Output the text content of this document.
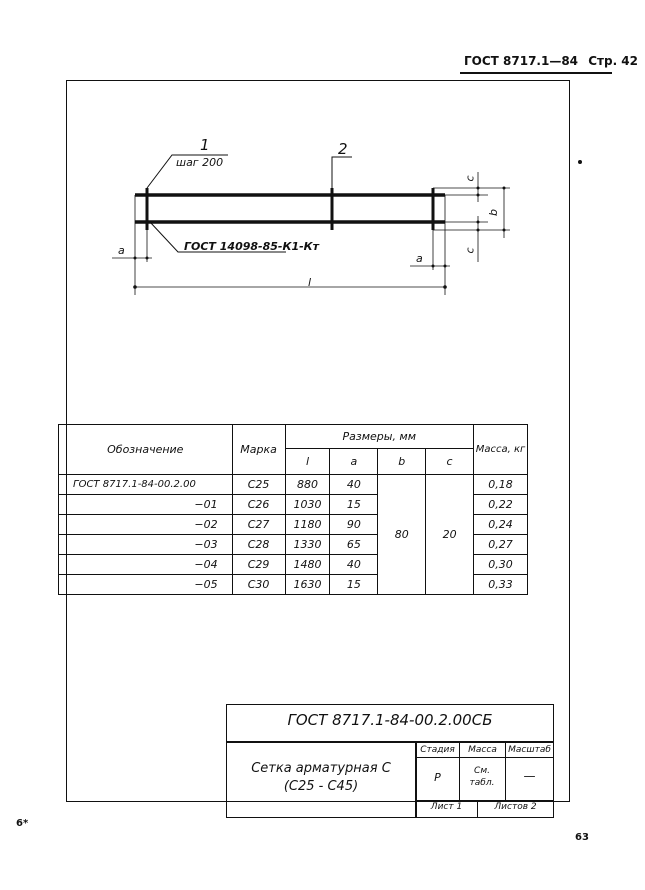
ГОСТ 8717.1—84 Стр. 42
1
шаг 200
2
ГОСТ 14098-85-К1-Кт
c
b
c
a
a
l
Обозначение	Марка	Размеры, мм				Масса, кг
		l	a	b	c	
ГОСТ 8717.1-84-00.2.00	С25	880	40	80	20	0,18
−01	С26	1030	15			0,22
−02	С27	1180	90			0,24
−03	С28	1330	65			0,27
−04	С29	1480	40			0,30
−05	С30	1630	15			0,33
ГОСТ 8717.1-84-00.2.00СБ
Сетка арматурная С
(С25 - С45)
Стадия	Масса	Масштаб
Р	См. табл.	—
Лист 1	Листов 2
6*
63
